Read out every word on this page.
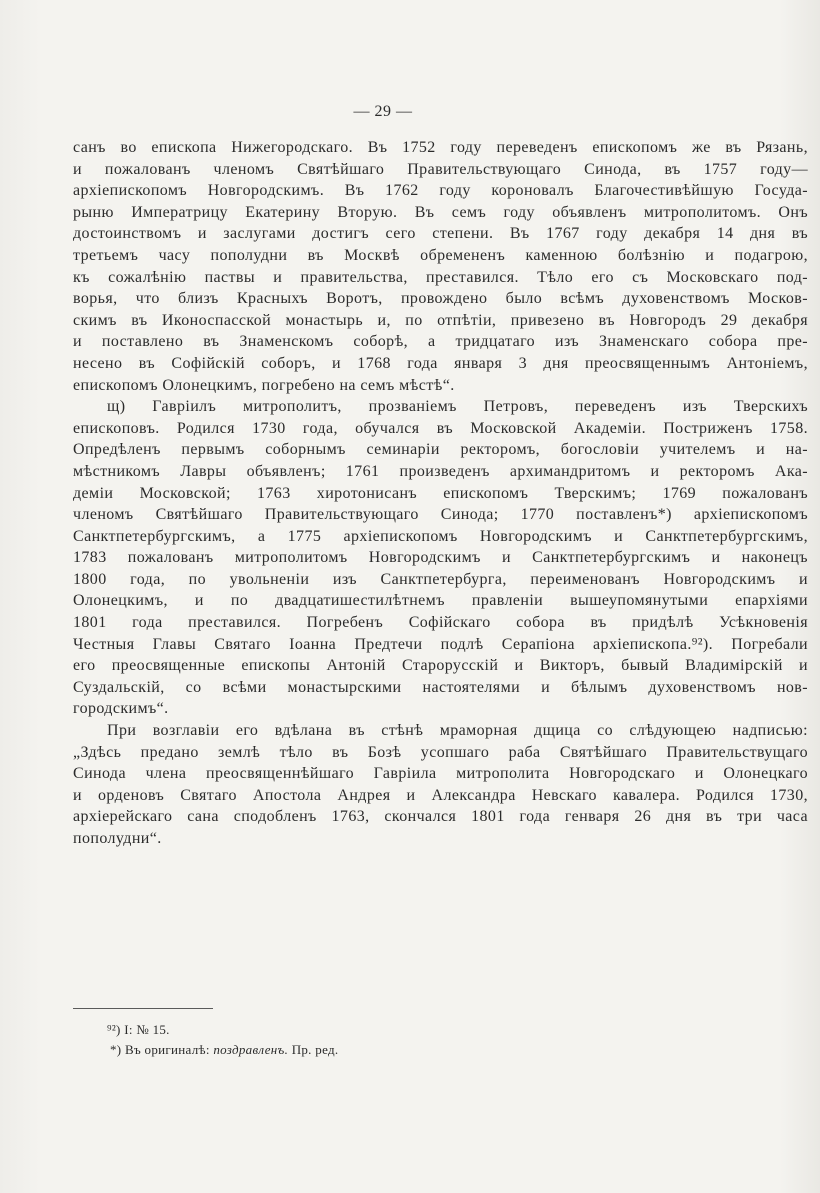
— 29 —
санъ во епископа Нижегородскаго. Въ 1752 году переведенъ епископомъ же въ Рязань,
и пожалованъ членомъ Святѣйшаго Правительствующаго Синода, въ 1757 году—
архіепископомъ Новгородскимъ. Въ 1762 году короновалъ Благочестивѣйшую Госуда-
рыню Императрицу Екатерину Вторую. Въ семъ году объявленъ митрополитомъ. Онъ
достоинствомъ и заслугами достигъ сего степени. Въ 1767 году декабря 14 дня въ
третьемъ часу пополудни въ Москвѣ обремененъ каменною болѣзнію и подагрою,
къ сожалѣнію паствы и правительства, преставился. Тѣло его съ Московскаго под-
ворья, что близъ Красныхъ Воротъ, провождено было всѣмъ духовенствомъ Москов-
скимъ въ Иконоспасской монастырь и, по отпѣтіи, привезено въ Новгородъ 29 декабря
и поставлено въ Знаменскомъ соборѣ, а тридцатаго изъ Знаменскаго собора пре-
несено въ Софійскій соборъ, и 1768 года января 3 дня преосвященнымъ Антоніемъ,
епископомъ Олонецкимъ, погребено на семъ мѣстѣ“.
щ) Гавріилъ митрополитъ, прозваніемъ Петровъ, переведенъ изъ Тверскихъ
епископовъ. Родился 1730 года, обучался въ Московской Академіи. Постриженъ 1758.
Опредѣленъ первымъ соборнымъ семинаріи ректоромъ, богословіи учителемъ и на-
мѣстникомъ Лавры объявленъ; 1761 произведенъ архимандритомъ и ректоромъ Ака-
деміи Московской; 1763 хиротонисанъ епископомъ Тверскимъ; 1769 пожалованъ
членомъ Святѣйшаго Правительствующаго Синода; 1770 поставленъ*) архіепископомъ
Санктпетербургскимъ, а 1775 архіепископомъ Новгородскимъ и Санктпетербургскимъ,
1783 пожалованъ митрополитомъ Новгородскимъ и Санктпетербургскимъ и наконецъ
1800 года, по увольненіи изъ Санктпетербурга, переименованъ Новгородскимъ и
Олонецкимъ, и по двадцатишестилѣтнемъ правленіи вышеупомянутыми епархіями
1801 года преставился. Погребенъ Софійскаго собора въ придѣлѣ Усѣкновенія
Честныя Главы Святаго Іоанна Предтечи подлѣ Серапіона архіепископа.⁹²). Погребали
его преосвященные епископы Антоній Старорусскій и Викторъ, бывый Владимірскій и
Суздальскій, со всѣми монастырскими настоятелями и бѣлымъ духовенствомъ нов-
городскимъ“.
При возглавіи его вдѣлана въ стѣнѣ мраморная дщица со слѣдующею надписью:
„Здѣсь предано землѣ тѣло въ Бозѣ усопшаго раба Святѣйшаго Правительствущаго
Синода члена преосвященнѣйшаго Гавріила митрополита Новгородскаго и Олонецкаго
и орденовъ Святаго Апостола Андрея и Александра Невскаго кавалера. Родился 1730,
архіерейскаго сана сподобленъ 1763, скончался 1801 года генваря 26 дня въ три часа
пополудни“.
⁹²) I: № 15.
*) Въ оригиналѣ: поздравленъ. Пр. ред.
